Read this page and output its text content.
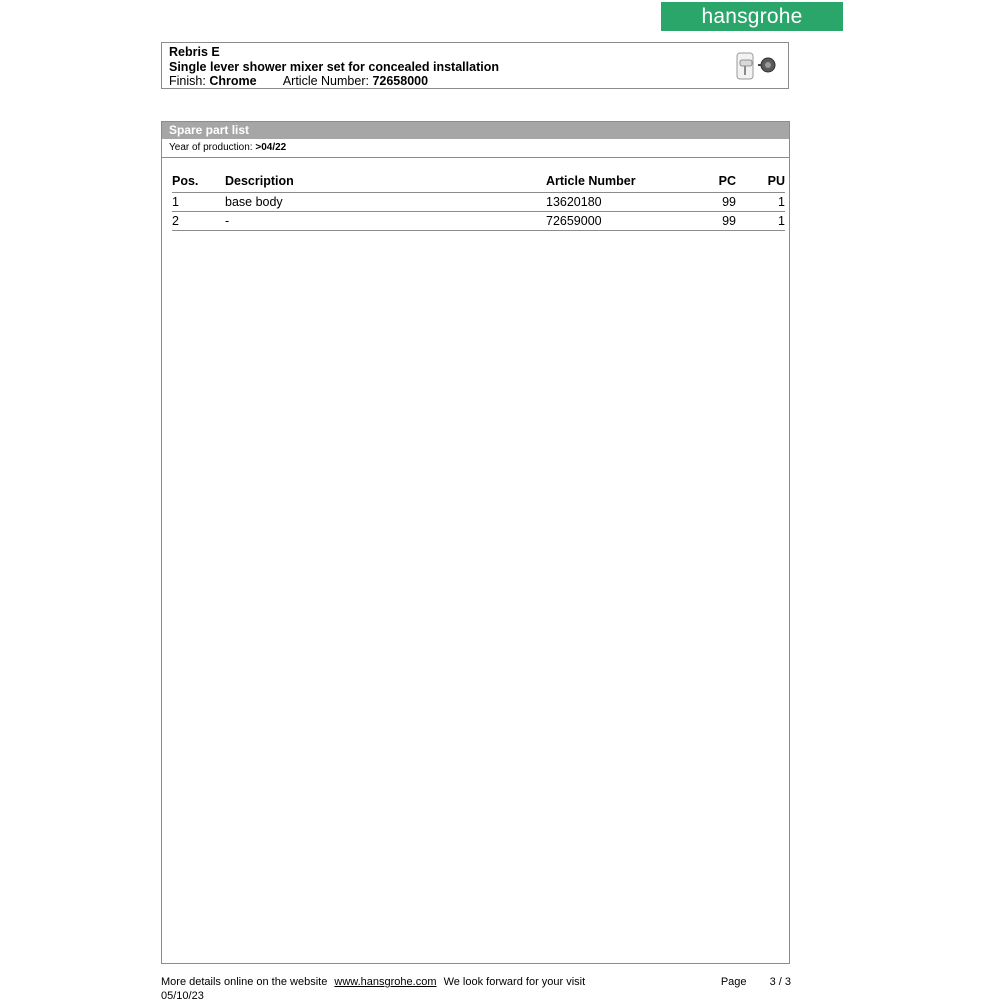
hansgrohe
Rebris E
Single lever shower mixer set for concealed installation
Finish: Chrome Article Number: 72658000
Spare part list
Year of production: >04/22
Pos.	Description	Article Number	PC	PU
1	base body	13620180	99	1
2	-	72659000	99	1
More details online on the website www.hansgrohe.com We look forward for your visit	Page 3 / 3
05/10/23
